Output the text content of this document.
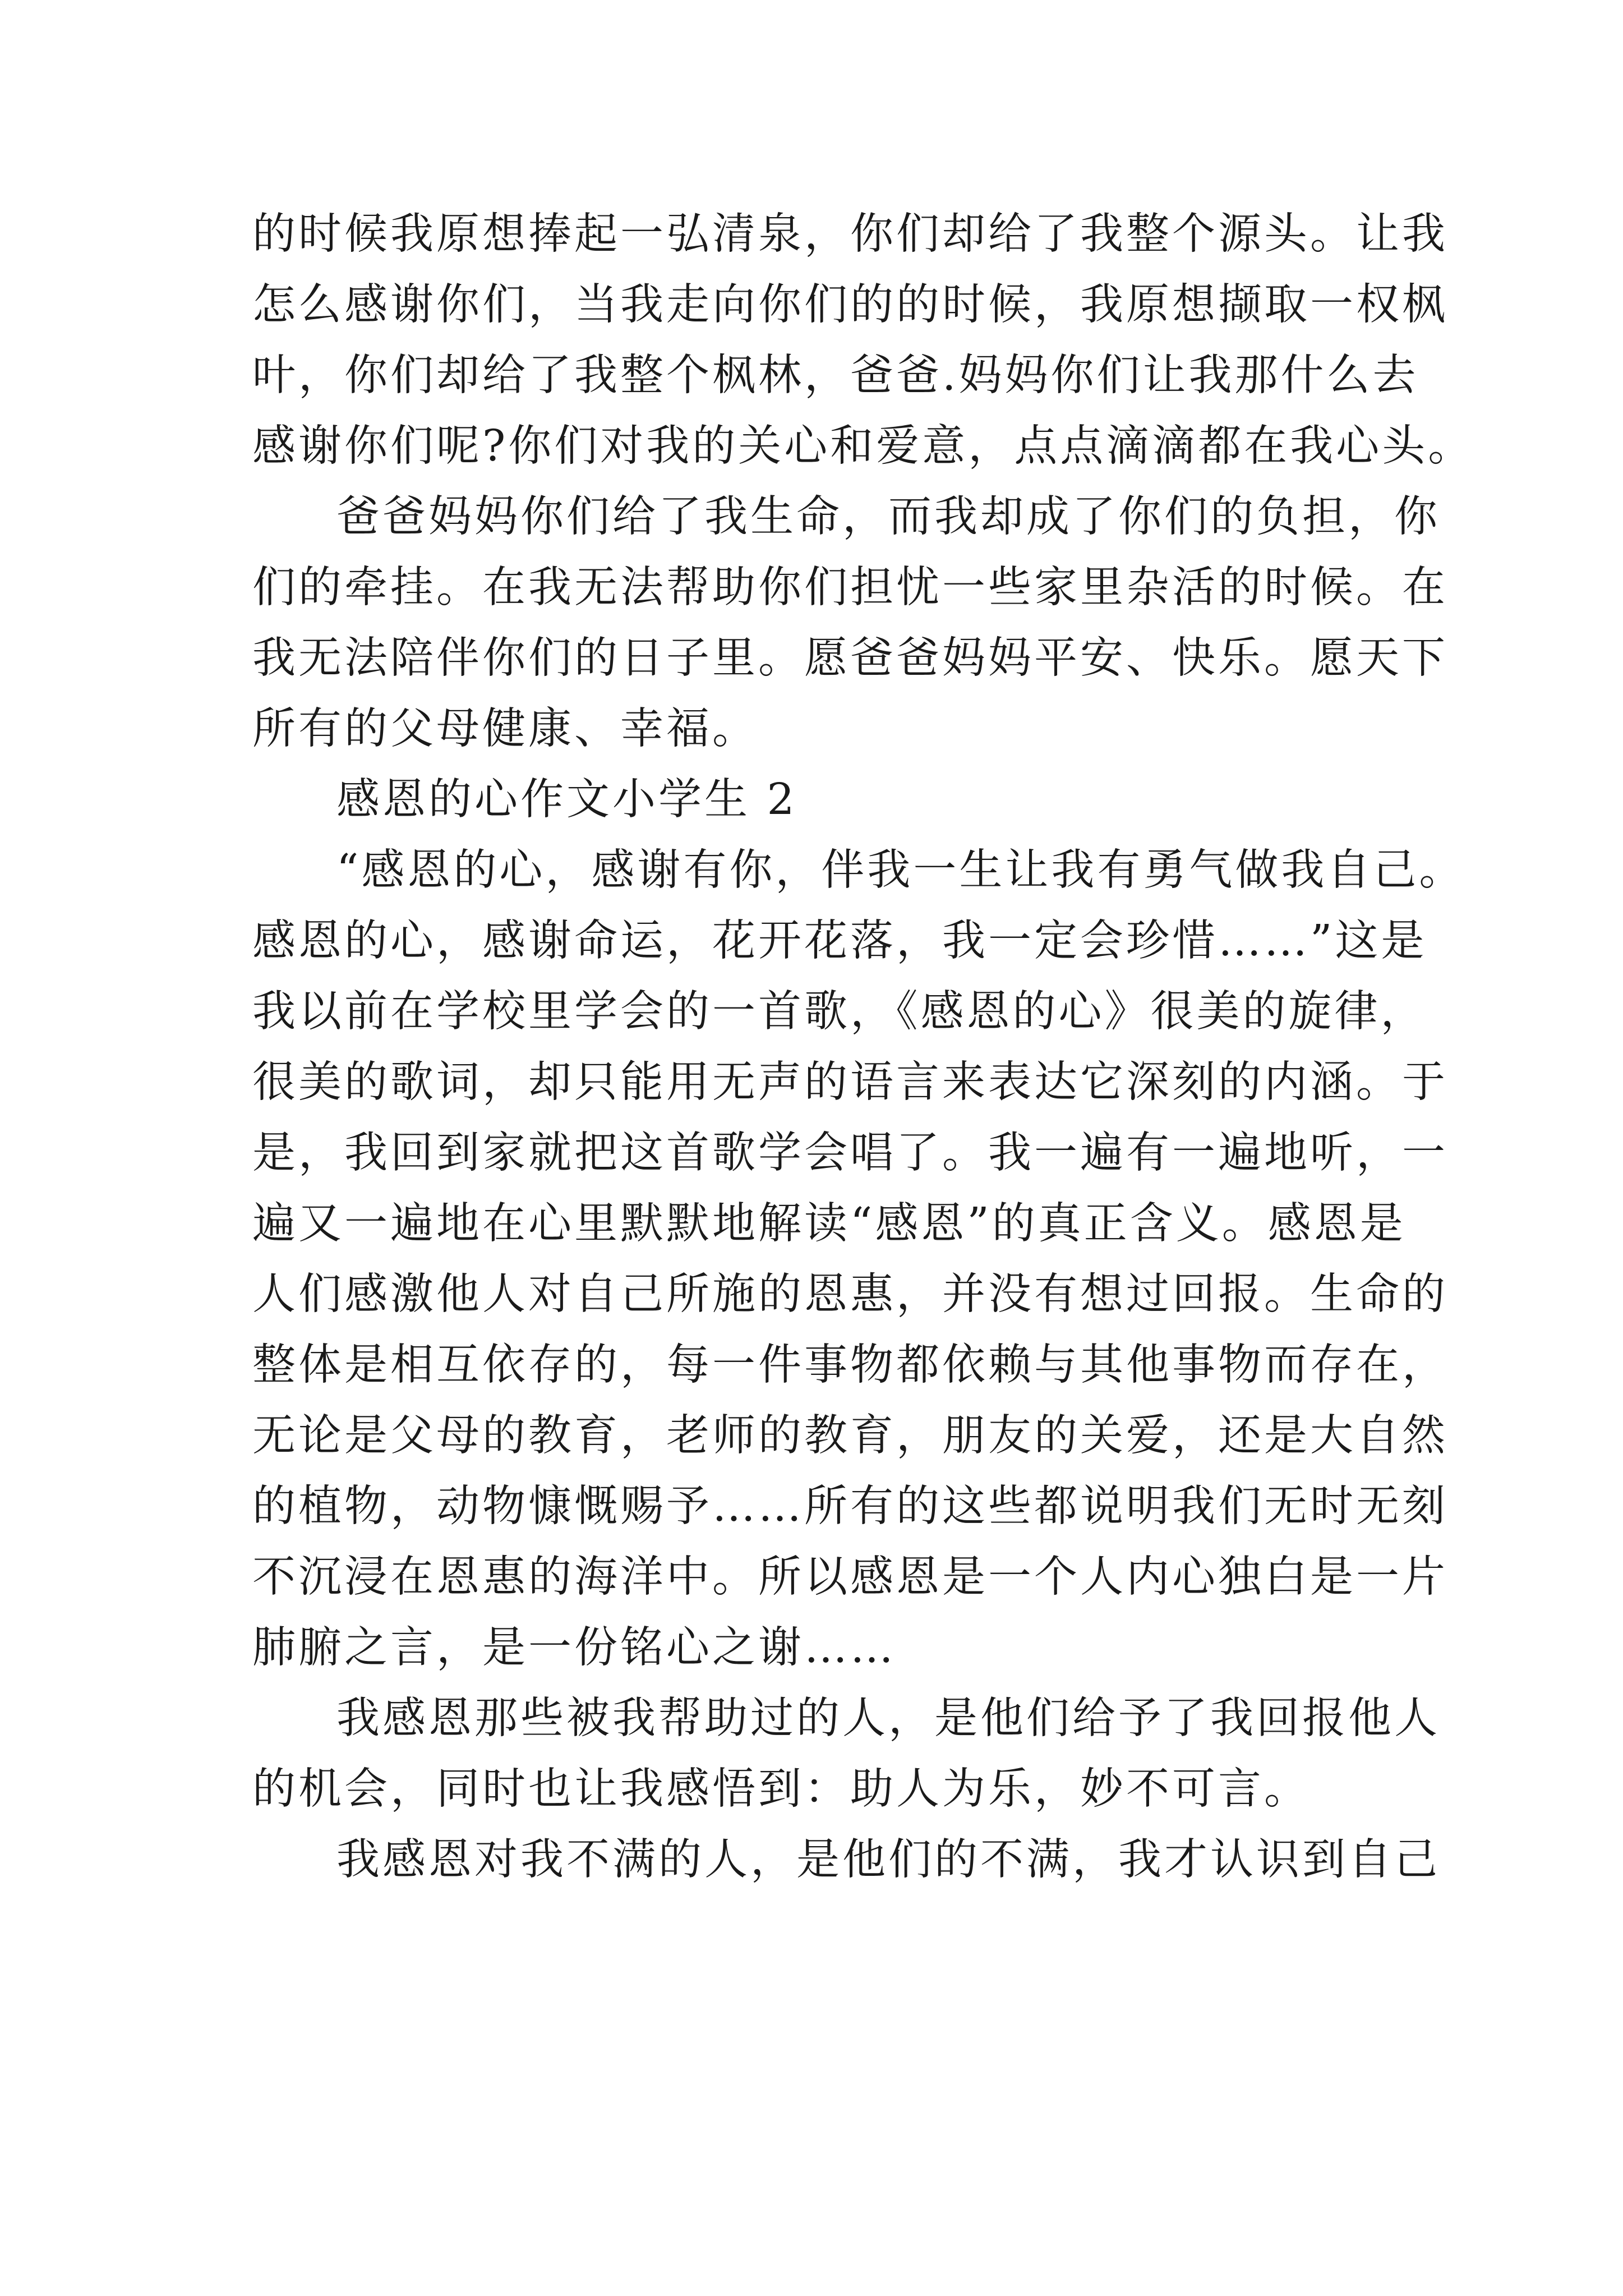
的时候我原想捧起一弘清泉，你们却给了我整个源头。让我
怎么感谢你们，当我走向你们的的时候，我原想撷取一权枫
叶，你们却给了我整个枫林，爸爸.妈妈你们让我那什么去
感谢你们呢?你们对我的关心和爱意，点点滴滴都在我心头。
爸爸妈妈你们给了我生命，而我却成了你们的负担，你
们的牵挂。在我无法帮助你们担忧一些家里杂活的时候。在
我无法陪伴你们的日子里。愿爸爸妈妈平安、快乐。愿天下
所有的父母健康、幸福。
感恩的心作文小学生 2
“感恩的心，感谢有你，伴我一生让我有勇气做我自己。
感恩的心，感谢命运，花开花落，我一定会珍惜……”这是
我以前在学校里学会的一首歌，《感恩的心》很美的旋律，
很美的歌词，却只能用无声的语言来表达它深刻的内涵。于
是，我回到家就把这首歌学会唱了。我一遍有一遍地听，一
遍又一遍地在心里默默地解读“感恩”的真正含义。感恩是
人们感激他人对自己所施的恩惠，并没有想过回报。生命的
整体是相互依存的，每一件事物都依赖与其他事物而存在，
无论是父母的教育，老师的教育，朋友的关爱，还是大自然
的植物，动物慷慨赐予……所有的这些都说明我们无时无刻
不沉浸在恩惠的海洋中。所以感恩是一个人内心独白是一片
肺腑之言，是一份铭心之谢……
我感恩那些被我帮助过的人，是他们给予了我回报他人
的机会，同时也让我感悟到：助人为乐，妙不可言。
我感恩对我不满的人，是他们的不满，我才认识到自己
